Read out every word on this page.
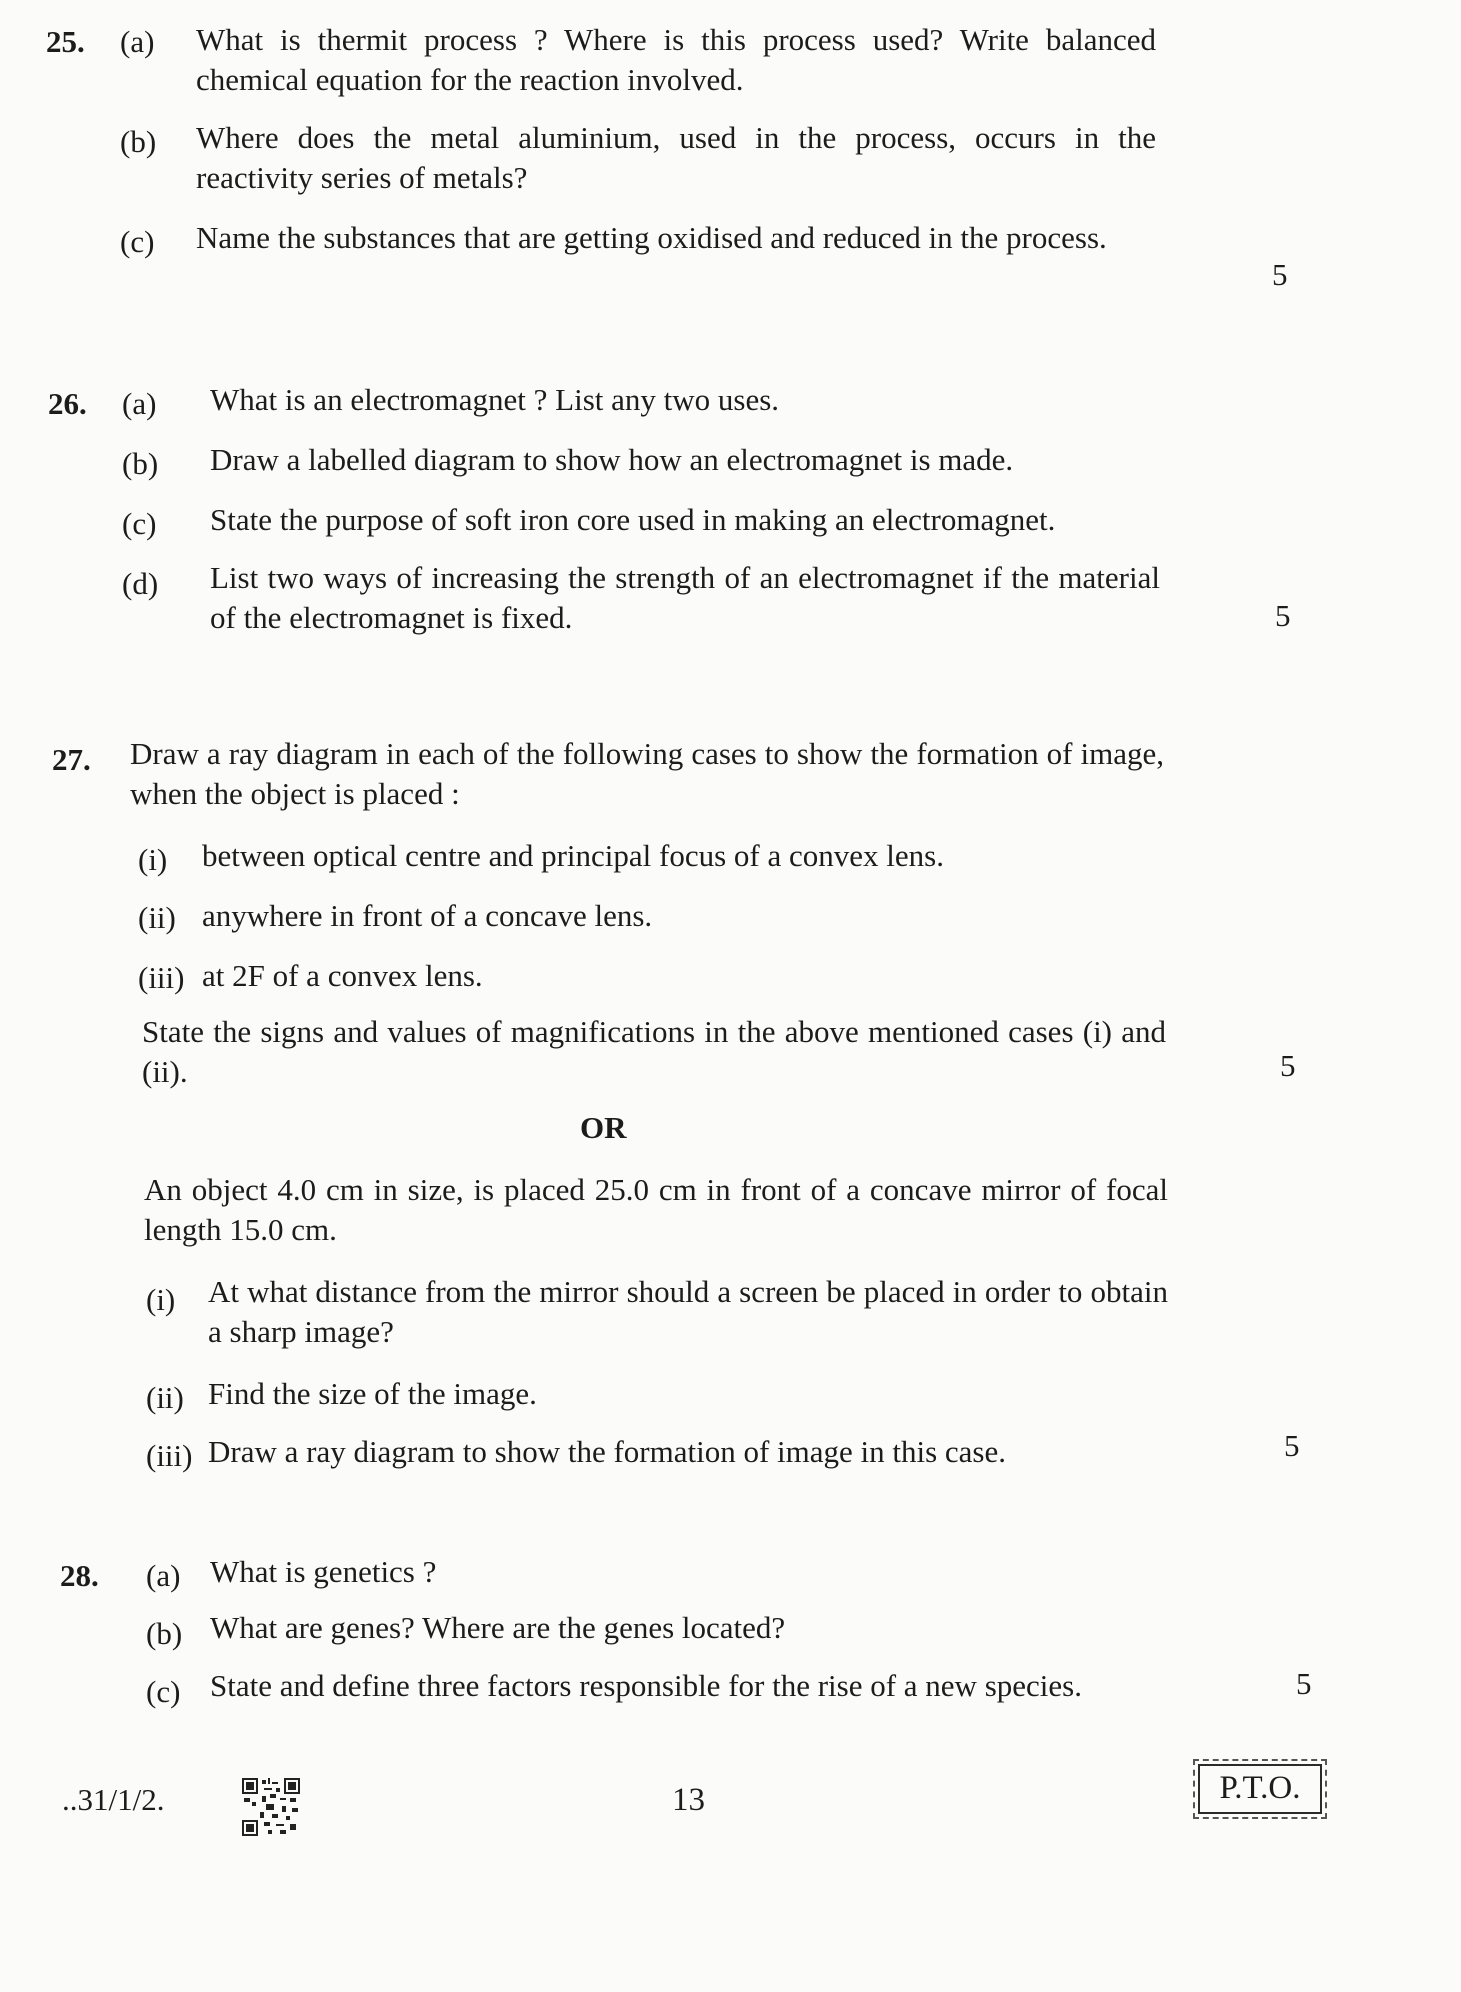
25. (a) What is thermit process ? Where is this process used? Write balanced chemical equation for the reaction involved.
(b) Where does the metal aluminium, used in the process, occurs in the reactivity series of metals?
(c) Name the substances that are getting oxidised and reduced in the process.
5
26. (a) What is an electromagnet ? List any two uses.
(b) Draw a labelled diagram to show how an electromagnet is made.
(c) State the purpose of soft iron core used in making an electromagnet.
(d) List two ways of increasing the strength of an electromagnet if the material of the electromagnet is fixed.	5
27. Draw a ray diagram in each of the following cases to show the formation of image, when the object is placed :
(i) between optical centre and principal focus of a convex lens.
(ii) anywhere in front of a concave lens.
(iii) at 2F of a convex lens.
State the signs and values of magnifications in the above mentioned cases (i) and (ii).	5
OR
An object 4.0 cm in size, is placed 25.0 cm in front of a concave mirror of focal length 15.0 cm.
(i) At what distance from the mirror should a screen be placed in order to obtain a sharp image?
(ii) Find the size of the image.
(iii) Draw a ray diagram to show the formation of image in this case.	5
28. (a) What is genetics ?
(b) What are genes? Where are the genes located?
(c) State and define three factors responsible for the rise of a new species.	5
..31/1/2.	13	P.T.O.
